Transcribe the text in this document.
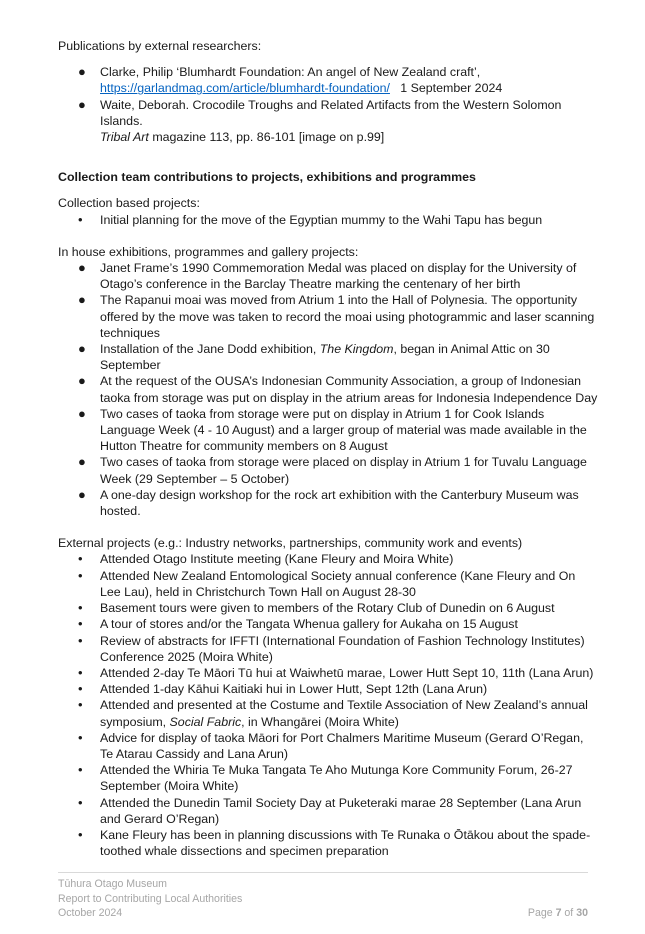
Publications by external researchers:

● Clarke, Philip ‘Blumhardt Foundation: An angel of New Zealand craft’,
https://garlandmag.com/article/blumhardt-foundation/ 1 September 2024
● Waite, Deborah. Crocodile Troughs and Related Artifacts from the Western Solomon Islands.
Tribal Art magazine 113, pp. 86-101 [image on p.99]

Collection team contributions to projects, exhibitions and programmes

Collection based projects:

• Initial planning for the move of the Egyptian mummy to the Wahi Tapu has begun

In house exhibitions, programmes and gallery projects:

● Janet Frame’s 1990 Commemoration Medal was placed on display for the University of Otago’s conference in the Barclay Theatre marking the centenary of her birth
● The Rapanui moai was moved from Atrium 1 into the Hall of Polynesia. The opportunity offered by the move was taken to record the moai using photogrammic and laser scanning techniques
● Installation of the Jane Dodd exhibition, The Kingdom, began in Animal Attic on 30 September
● At the request of the OUSA’s Indonesian Community Association, a group of Indonesian taoka from storage was put on display in the atrium areas for Indonesia Independence Day
● Two cases of taoka from storage were put on display in Atrium 1 for Cook Islands Language Week (4 - 10 August) and a larger group of material was made available in the Hutton Theatre for community members on 8 August
● Two cases of taoka from storage were placed on display in Atrium 1 for Tuvalu Language Week (29 September – 5 October)
● A one-day design workshop for the rock art exhibition with the Canterbury Museum was hosted.

External projects (e.g.: Industry networks, partnerships, community work and events)

• Attended Otago Institute meeting (Kane Fleury and Moira White)
• Attended New Zealand Entomological Society annual conference (Kane Fleury and On Lee Lau), held in Christchurch Town Hall on August 28-30
• Basement tours were given to members of the Rotary Club of Dunedin on 6 August
• A tour of stores and/or the Tangata Whenua gallery for Aukaha on 15 August
• Review of abstracts for IFFTI (International Foundation of Fashion Technology Institutes) Conference 2025 (Moira White)
• Attended 2-day Te Māori Tū hui at Waiwhetū marae, Lower Hutt Sept 10, 11th (Lana Arun)
• Attended 1-day Kāhui Kaitiaki hui in Lower Hutt, Sept 12th (Lana Arun)
• Attended and presented at the Costume and Textile Association of New Zealand’s annual symposium, Social Fabric, in Whangārei (Moira White)
• Advice for display of taoka Māori for Port Chalmers Maritime Museum (Gerard O’Regan, Te Atarau Cassidy and Lana Arun)
• Attended the Whiria Te Muka Tangata Te Aho Mutunga Kore Community Forum, 26-27 September (Moira White)
• Attended the Dunedin Tamil Society Day at Puketeraki marae 28 September (Lana Arun and Gerard O’Regan)
• Kane Fleury has been in planning discussions with Te Runaka o Ōtākou about the spade-toothed whale dissections and specimen preparation
Tūhura Otago Museum
Report to Contributing Local Authorities
October 2024	Page 7 of 30
